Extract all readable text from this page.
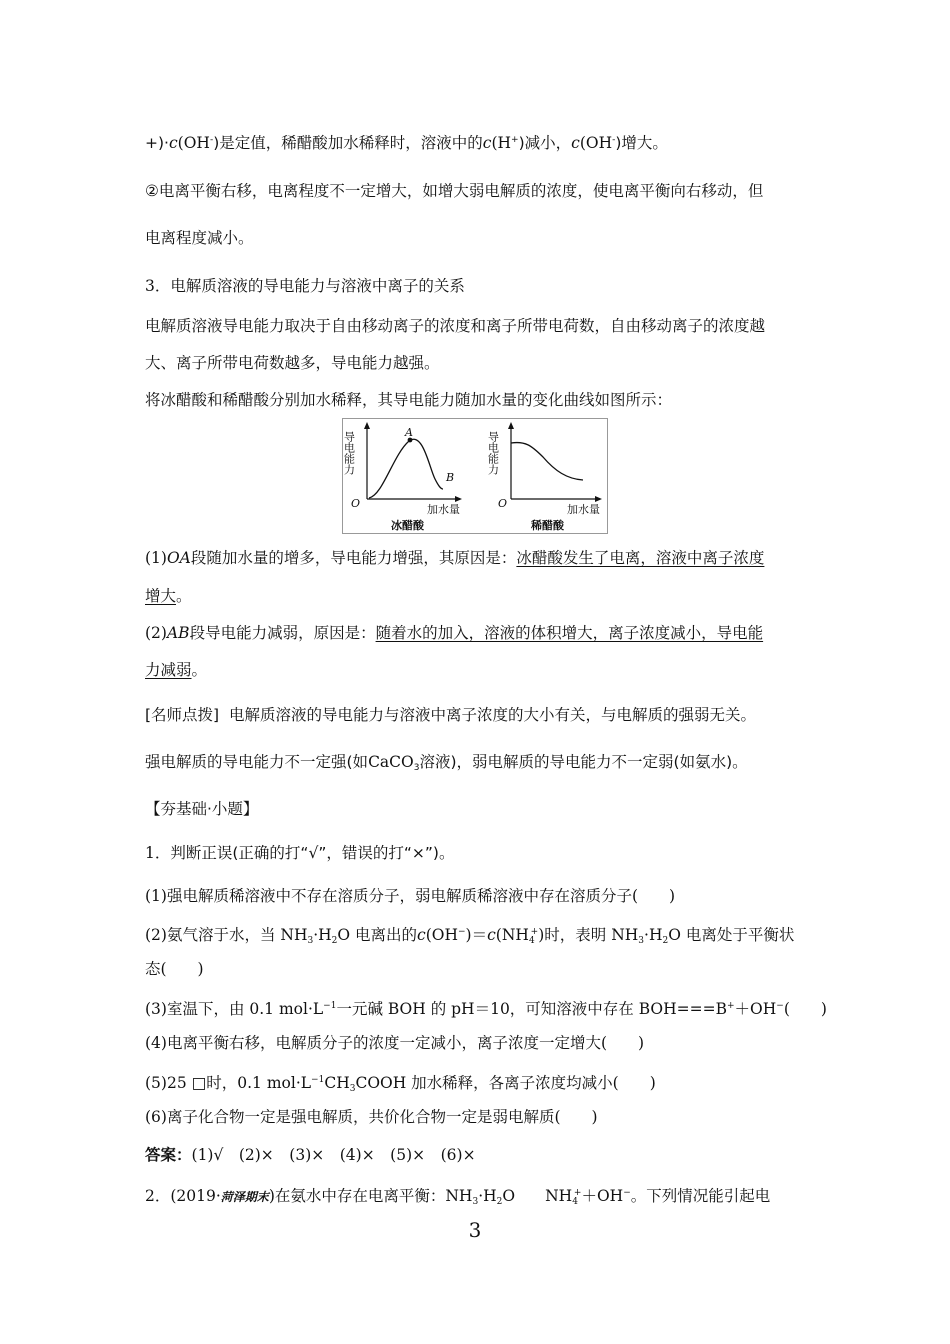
+)·c(OH-)是定值，稀醋酸加水稀释时，溶液中的c(H+)减小，c(OH-)增大。
②电离平衡右移，电离程度不一定增大，如增大弱电解质的浓度，使电离平衡向右移动，但
电离程度减小。
3．电解质溶液的导电能力与溶液中离子的关系
电解质溶液导电能力取决于自由移动离子的浓度和离子所带电荷数，自由移动离子的浓度越
大、离子所带电荷数越多，导电能力越强。
将冰醋酸和稀醋酸分别加水稀释，其导电能力随加水量的变化曲线如图所示：
A
B
O	加水量
导电能力
冰醋酸
O	加水量
导电能力
稀醋酸
(1)OA段随加水量的增多，导电能力增强，其原因是：冰醋酸发生了电离，溶液中离子浓度
增大。
(2)AB段导电能力减弱，原因是：随着水的加入，溶液的体积增大，离子浓度减小，导电能
力减弱。
[名师点拨] 电解质溶液的导电能力与溶液中离子浓度的大小有关，与电解质的强弱无关。
强电解质的导电能力不一定强(如CaCO$_3$溶液)，弱电解质的导电能力不一定弱(如氨水)。
【夯基础·小题】
1．判断正误(正确的打“√”，错误的打“×”)。
(1)强电解质稀溶液中不存在溶质分子，弱电解质稀溶液中存在溶质分子(　　)
(2)氨气溶于水，当 $NH_3\cdot H_2O$ 电离出的$c(OH^-)=c(NH_4^+)$时，表明 $NH_3\cdot H_2O$ 电离处于平衡状
态(　　)
(3)室温下，由 0.1 $mol\cdot L^{-1}$一元碱 BOH 的 pH＝10，可知溶液中存在 BOH===B+＋OH−(　　)
(4)电离平衡右移，电解质分子的浓度一定减小，离子浓度一定增大(　　)
(5)25 □时，0.1 $mol\cdot L^{-1}CH_3COOH$ 加水稀释，各离子浓度均减小(　　)
(6)离子化合物一定是强电解质，共价化合物一定是弱电解质(　　)
答案：(1)√　(2)×　(3)×　(4)×　(5)×　(6)×
2．(2019·菏泽期末)在氨水中存在电离平衡：$NH_3\cdot H_2O$ $NH_4^++OH^-$。下列情况能引起电
3
